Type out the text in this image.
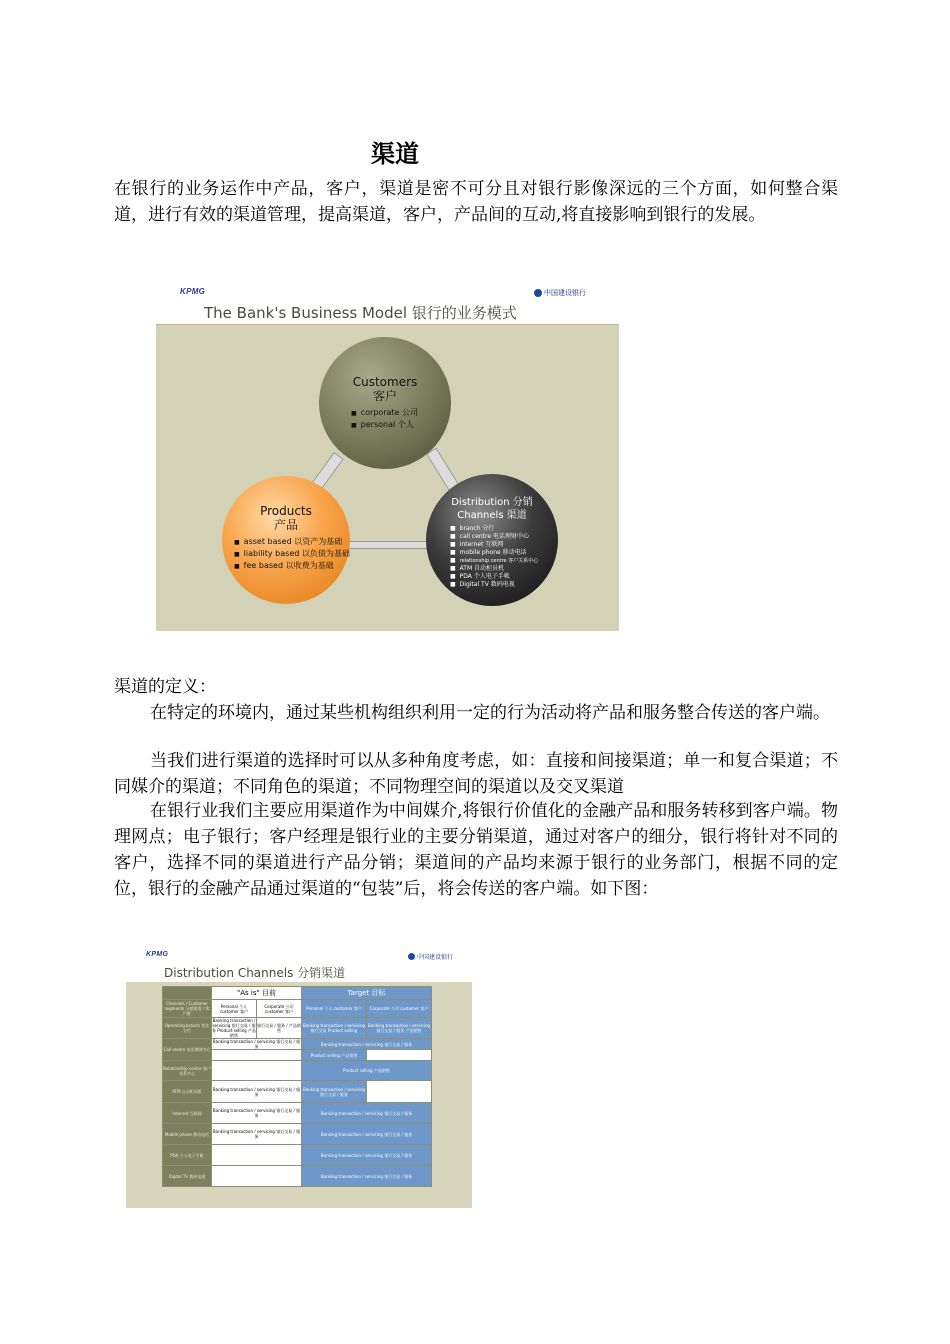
渠道

在银行的业务运作中产品，客户，渠道是密不可分且对银行影像深远的三个方面，如何整合渠道，进行有效的渠道管理，提高渠道，客户，产品间的互动,将直接影响到银行的发展。

KPMG	中国建设银行
The Bank's Business Model 银行的业务模式
Customers
客户
■ corporate 公司
■ personal 个人
Products
产品
■ asset based 以资产为基础
■ liability based 以负债为基础
■ fee based 以收费为基础
Distribution 分销
Channels 渠道
■ branch 分行
■ call centre 电话理财中心
■ internet 互联网
■ mobile phone 移动电话
■ relationship centre 客户关系中心
■ ATM 自动柜员机
■ PDA 个人电子手帐
■ Digital TV 数码电视

渠道的定义：

在特定的环境内，通过某些机构组织利用一定的行为活动将产品和服务整合传送的客户端。

当我们进行渠道的选择时可以从多种角度考虑，如：直接和间接渠道；单一和复合渠道；不同媒介的渠道；不同角色的渠道；不同物理空间的渠道以及交叉渠道

在银行业我们主要应用渠道作为中间媒介,将银行价值化的金融产品和服务转移到客户端。物理网点；电子银行；客户经理是银行业的主要分销渠道，通过对客户的细分，银行将针对不同的客户，选择不同的渠道进行产品分销；渠道间的产品均来源于银行的业务部门，根据不同的定位，银行的金融产品通过渠道的“包装”后，将会传送的客户端。如下图：

KPMG	中国建设银行
Distribution Channels 分销渠道
	"As is" 目前		Target 目标	
Channels / Customer segments 分销渠道 / 客户群	Personal 个人 customer 客户	Corporate 公司 customer 客户	Personal 个人 customer 客户	Corporate 公司 customer 客户
Operating branch 营业分行	Banking transaction / servicing 银行交易 / 服务 Product selling 产品销售	银行交易 / 服务 / 产品销售	Banking transaction / servicing 银行交易 Product selling	Banking transaction / servicing 银行交易 / 服务 产品销售
Call centre 电话理财中心	Banking transaction / servicing 银行交易 / 服务		Banking transaction / servicing 银行交易 / 服务	
			Product selling 产品销售	
Relationship centre 客户关系中心			Product selling 产品销售	
ATM 自动柜员机	Banking transaction / servicing 银行交易 / 服务		Banking transaction / servicing 银行交易 / 服务	
Internet 互联网	Banking transaction / servicing 银行交易 / 服务		Banking transaction / servicing 银行交易 / 服务	
Mobile phone 移动电话	Banking transaction / servicing 银行交易 / 服务		Banking transaction / servicing 银行交易 / 服务	
PDA 个人电子手帐			Banking transaction / servicing 银行交易 / 服务	
Digital TV 数码电视			Banking transaction / servicing 银行交易 / 服务	
